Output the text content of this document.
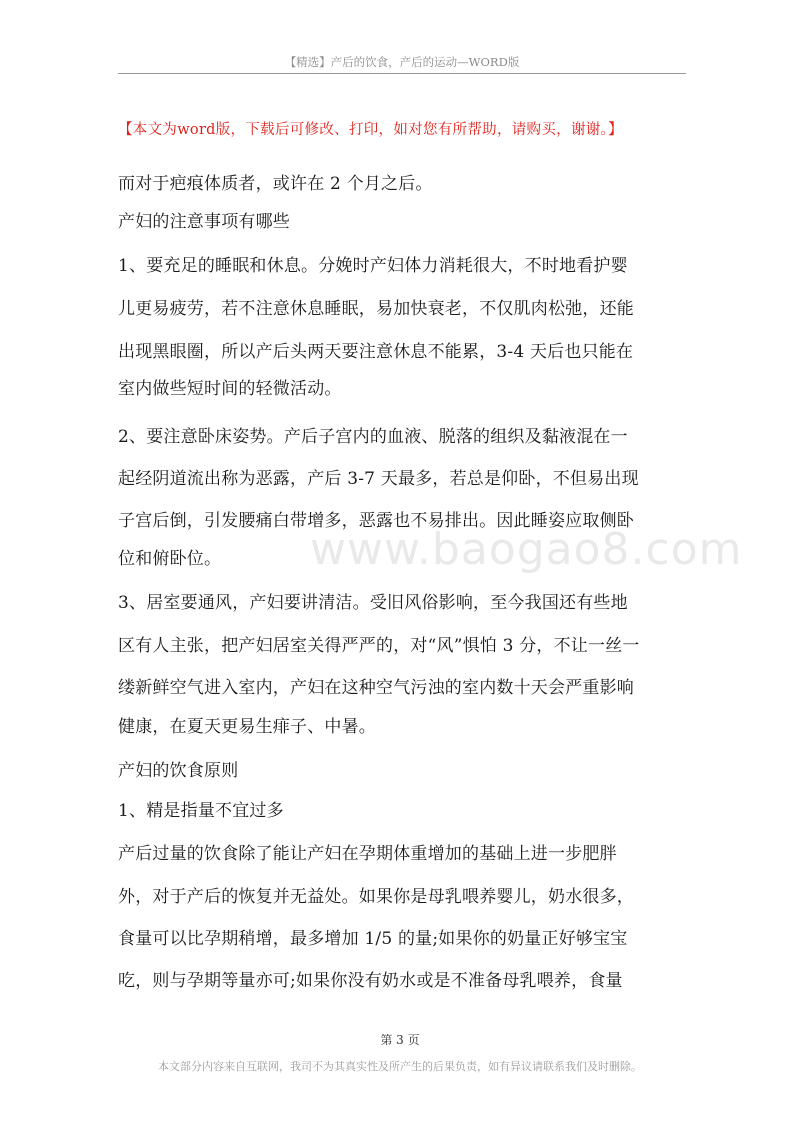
【精选】产后的饮食，产后的运动—WORD版
【本文为word版，下载后可修改、打印，如对您有所帮助，请购买，谢谢。】
www.baogao8.com
而对于疤痕体质者，或许在 2 个月之后。
产妇的注意事项有哪些
1、要充足的睡眠和休息。分娩时产妇体力消耗很大，不时地看护婴
儿更易疲劳，若不注意休息睡眠，易加快衰老，不仅肌肉松弛，还能
出现黑眼圈，所以产后头两天要注意休息不能累，3-4 天后也只能在
室内做些短时间的轻微活动。
2、要注意卧床姿势。产后子宫内的血液、脱落的组织及黏液混在一
起经阴道流出称为恶露，产后 3-7 天最多，若总是仰卧，不但易出现
子宫后倒，引发腰痛白带增多，恶露也不易排出。因此睡姿应取侧卧
位和俯卧位。
3、居室要通风，产妇要讲清洁。受旧风俗影响，至今我国还有些地
区有人主张，把产妇居室关得严严的，对“风”惧怕 3 分，不让一丝一
缕新鲜空气进入室内，产妇在这种空气污浊的室内数十天会严重影响
健康，在夏天更易生痱子、中暑。
产妇的饮食原则
1、精是指量不宜过多
产后过量的饮食除了能让产妇在孕期体重增加的基础上进一步肥胖
外，对于产后的恢复并无益处。如果你是母乳喂养婴儿，奶水很多，
食量可以比孕期稍增，最多增加 1/5 的量;如果你的奶量正好够宝宝
吃，则与孕期等量亦可;如果你没有奶水或是不准备母乳喂养，食量
第 3 页
本文部分内容来自互联网，我司不为其真实性及所产生的后果负责，如有异议请联系我们及时删除。
